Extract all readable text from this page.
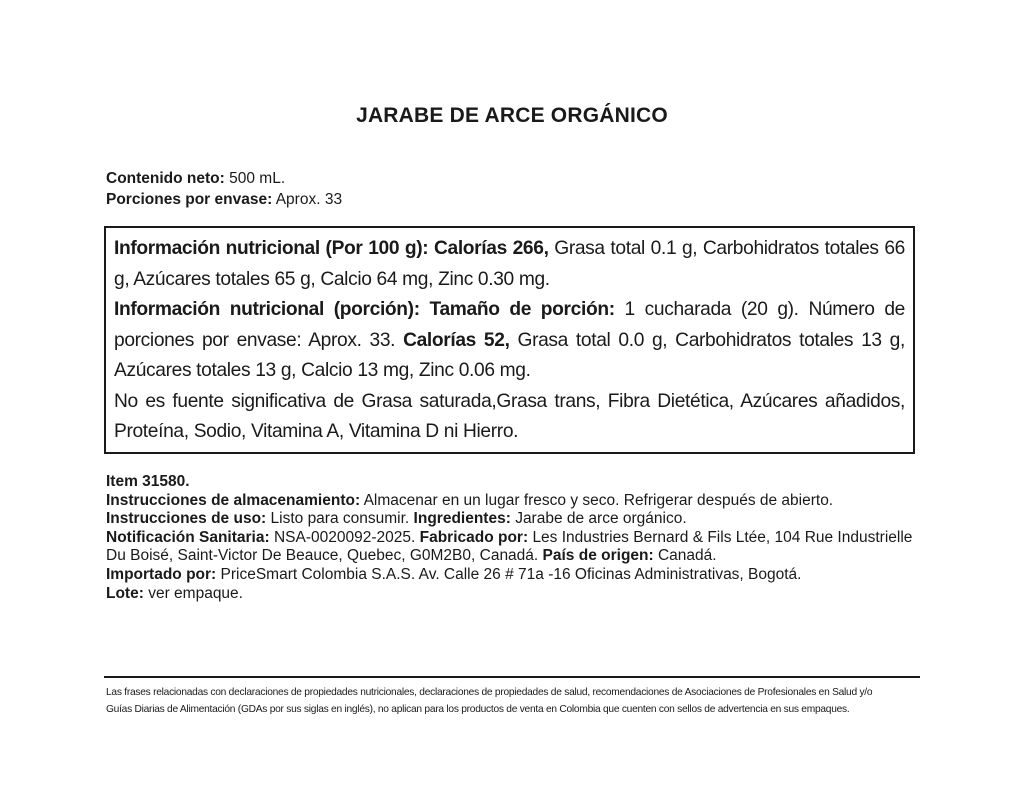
JARABE DE ARCE ORGÁNICO

Contenido neto: 500 mL.

Porciones por envase: Aprox. 33

Información nutricional (Por 100 g): Calorías 266, Grasa total 0.1 g, Carbohidratos totales 66 g, Azúcares totales 65 g, Calcio 64 mg, Zinc 0.30 mg.

Información nutricional (porción): Tamaño de porción: 1 cucharada (20 g). Número de porciones por envase: Aprox. 33. Calorías 52, Grasa total 0.0 g, Carbohidratos totales 13 g, Azúcares totales 13 g, Calcio 13 mg, Zinc 0.06 mg.

No es fuente significativa de Grasa saturada,Grasa trans, Fibra Dietética, Azúcares añadidos, Proteína, Sodio, Vitamina A, Vitamina D ni Hierro.

Item 31580.

Instrucciones de almacenamiento: Almacenar en un lugar fresco y seco. Refrigerar después de abierto.

Instrucciones de uso: Listo para consumir. Ingredientes: Jarabe de arce orgánico.

Notificación Sanitaria: NSA-0020092-2025. Fabricado por: Les Industries Bernard & Fils Ltée, 104 Rue Industrielle Du Boisé, Saint-Victor De Beauce, Quebec, G0M2B0, Canadá. País de origen: Canadá.

Importado por: PriceSmart Colombia S.A.S. Av. Calle 26 # 71a -16 Oficinas Administrativas, Bogotá.

Lote: ver empaque.

Las frases relacionadas con declaraciones de propiedades nutricionales, declaraciones de propiedades de salud, recomendaciones de Asociaciones de Profesionales en Salud y/o

Guías Diarias de Alimentación (GDAs por sus siglas en inglés), no aplican para los productos de venta en Colombia que cuenten con sellos de advertencia en sus empaques.
